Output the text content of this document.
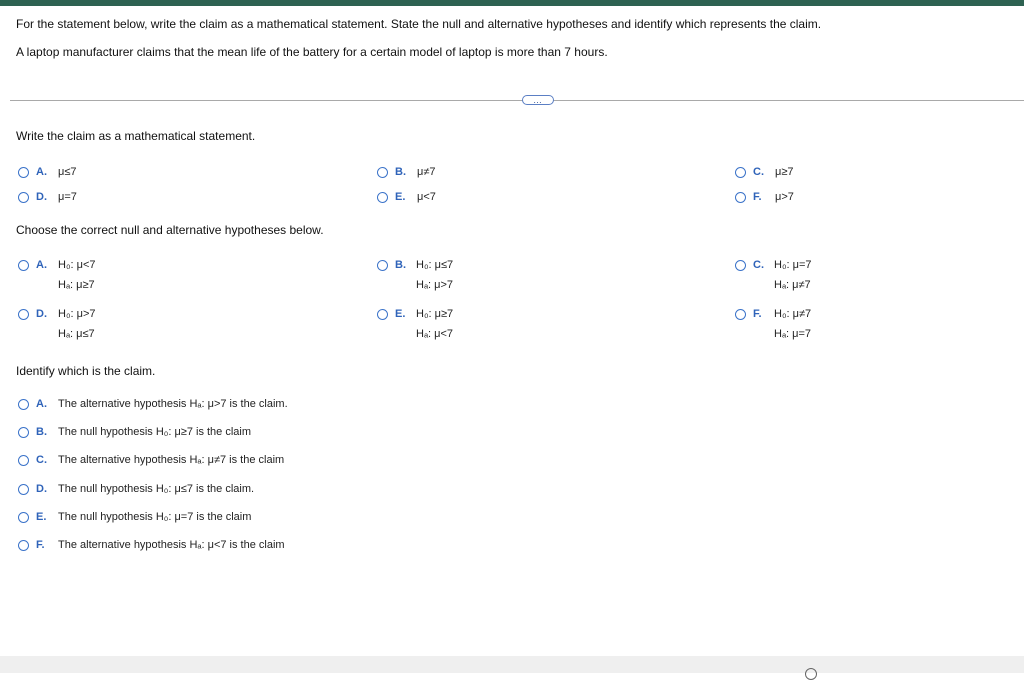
For the statement below, write the claim as a mathematical statement. State the null and alternative hypotheses and identify which represents the claim.
A laptop manufacturer claims that the mean life of the battery for a certain model of laptop is more than 7 hours.
…
Write the claim as a mathematical statement.
A. μ≤7	B. μ≠7	C. μ≥7
D. μ=7	E. μ<7	F. μ>7
Choose the correct null and alternative hypotheses below.
A. H₀: μ<7
Hₐ: μ≥7
B. H₀: μ≤7
Hₐ: μ>7
C. H₀: μ=7
Hₐ: μ≠7
D. H₀: μ>7
Hₐ: μ≤7
E. H₀: μ≥7
Hₐ: μ<7
F. H₀: μ≠7
Hₐ: μ=7
Identify which is the claim.
A. The alternative hypothesis Hₐ: μ>7 is the claim.
B. The null hypothesis H₀: μ≥7 is the claim
C. The alternative hypothesis Hₐ: μ≠7 is the claim
D. The null hypothesis H₀: μ≤7 is the claim.
E. The null hypothesis H₀: μ=7 is the claim
F. The alternative hypothesis Hₐ: μ<7 is the claim
